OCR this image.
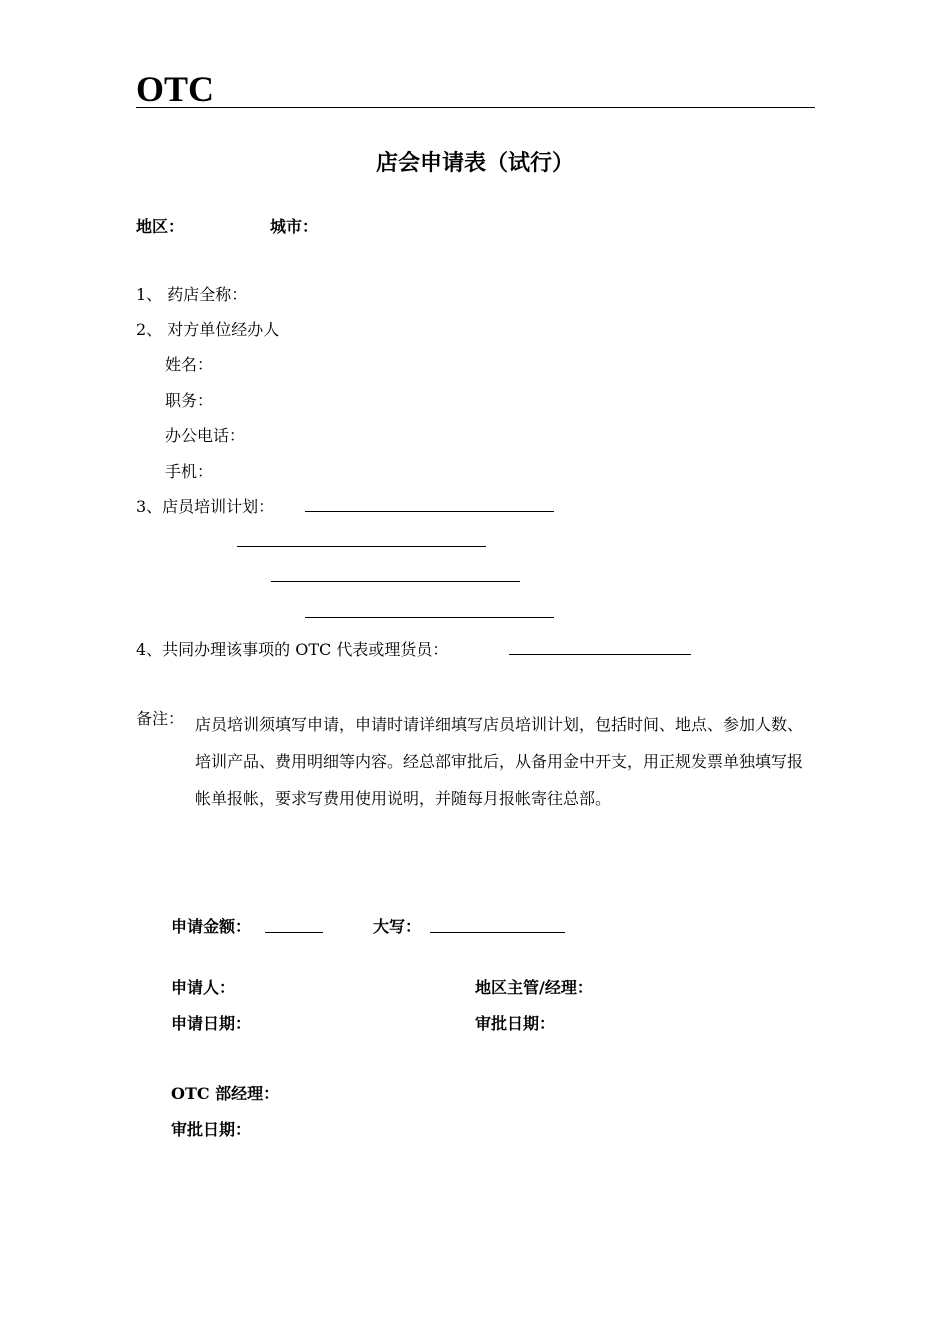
OTC
店会申请表（试行）
地区：	城市：
1、 药店全称：
2、 对方单位经办人
姓名：
职务：
办公电话：
手机：
3、店员培训计划：
4、共同办理该事项的 OTC 代表或理货员：
备注： 店员培训须填写申请，申请时请详细填写店员培训计划，包括时间、地点、参加人数、培训产品、费用明细等内容。经总部审批后，从备用金中开支，用正规发票单独填写报帐单报帐，要求写费用使用说明，并随每月报帐寄往总部。
申请金额：	大写：
申请人：	地区主管/经理：
申请日期：	审批日期：
OTC 部经理：
审批日期：
